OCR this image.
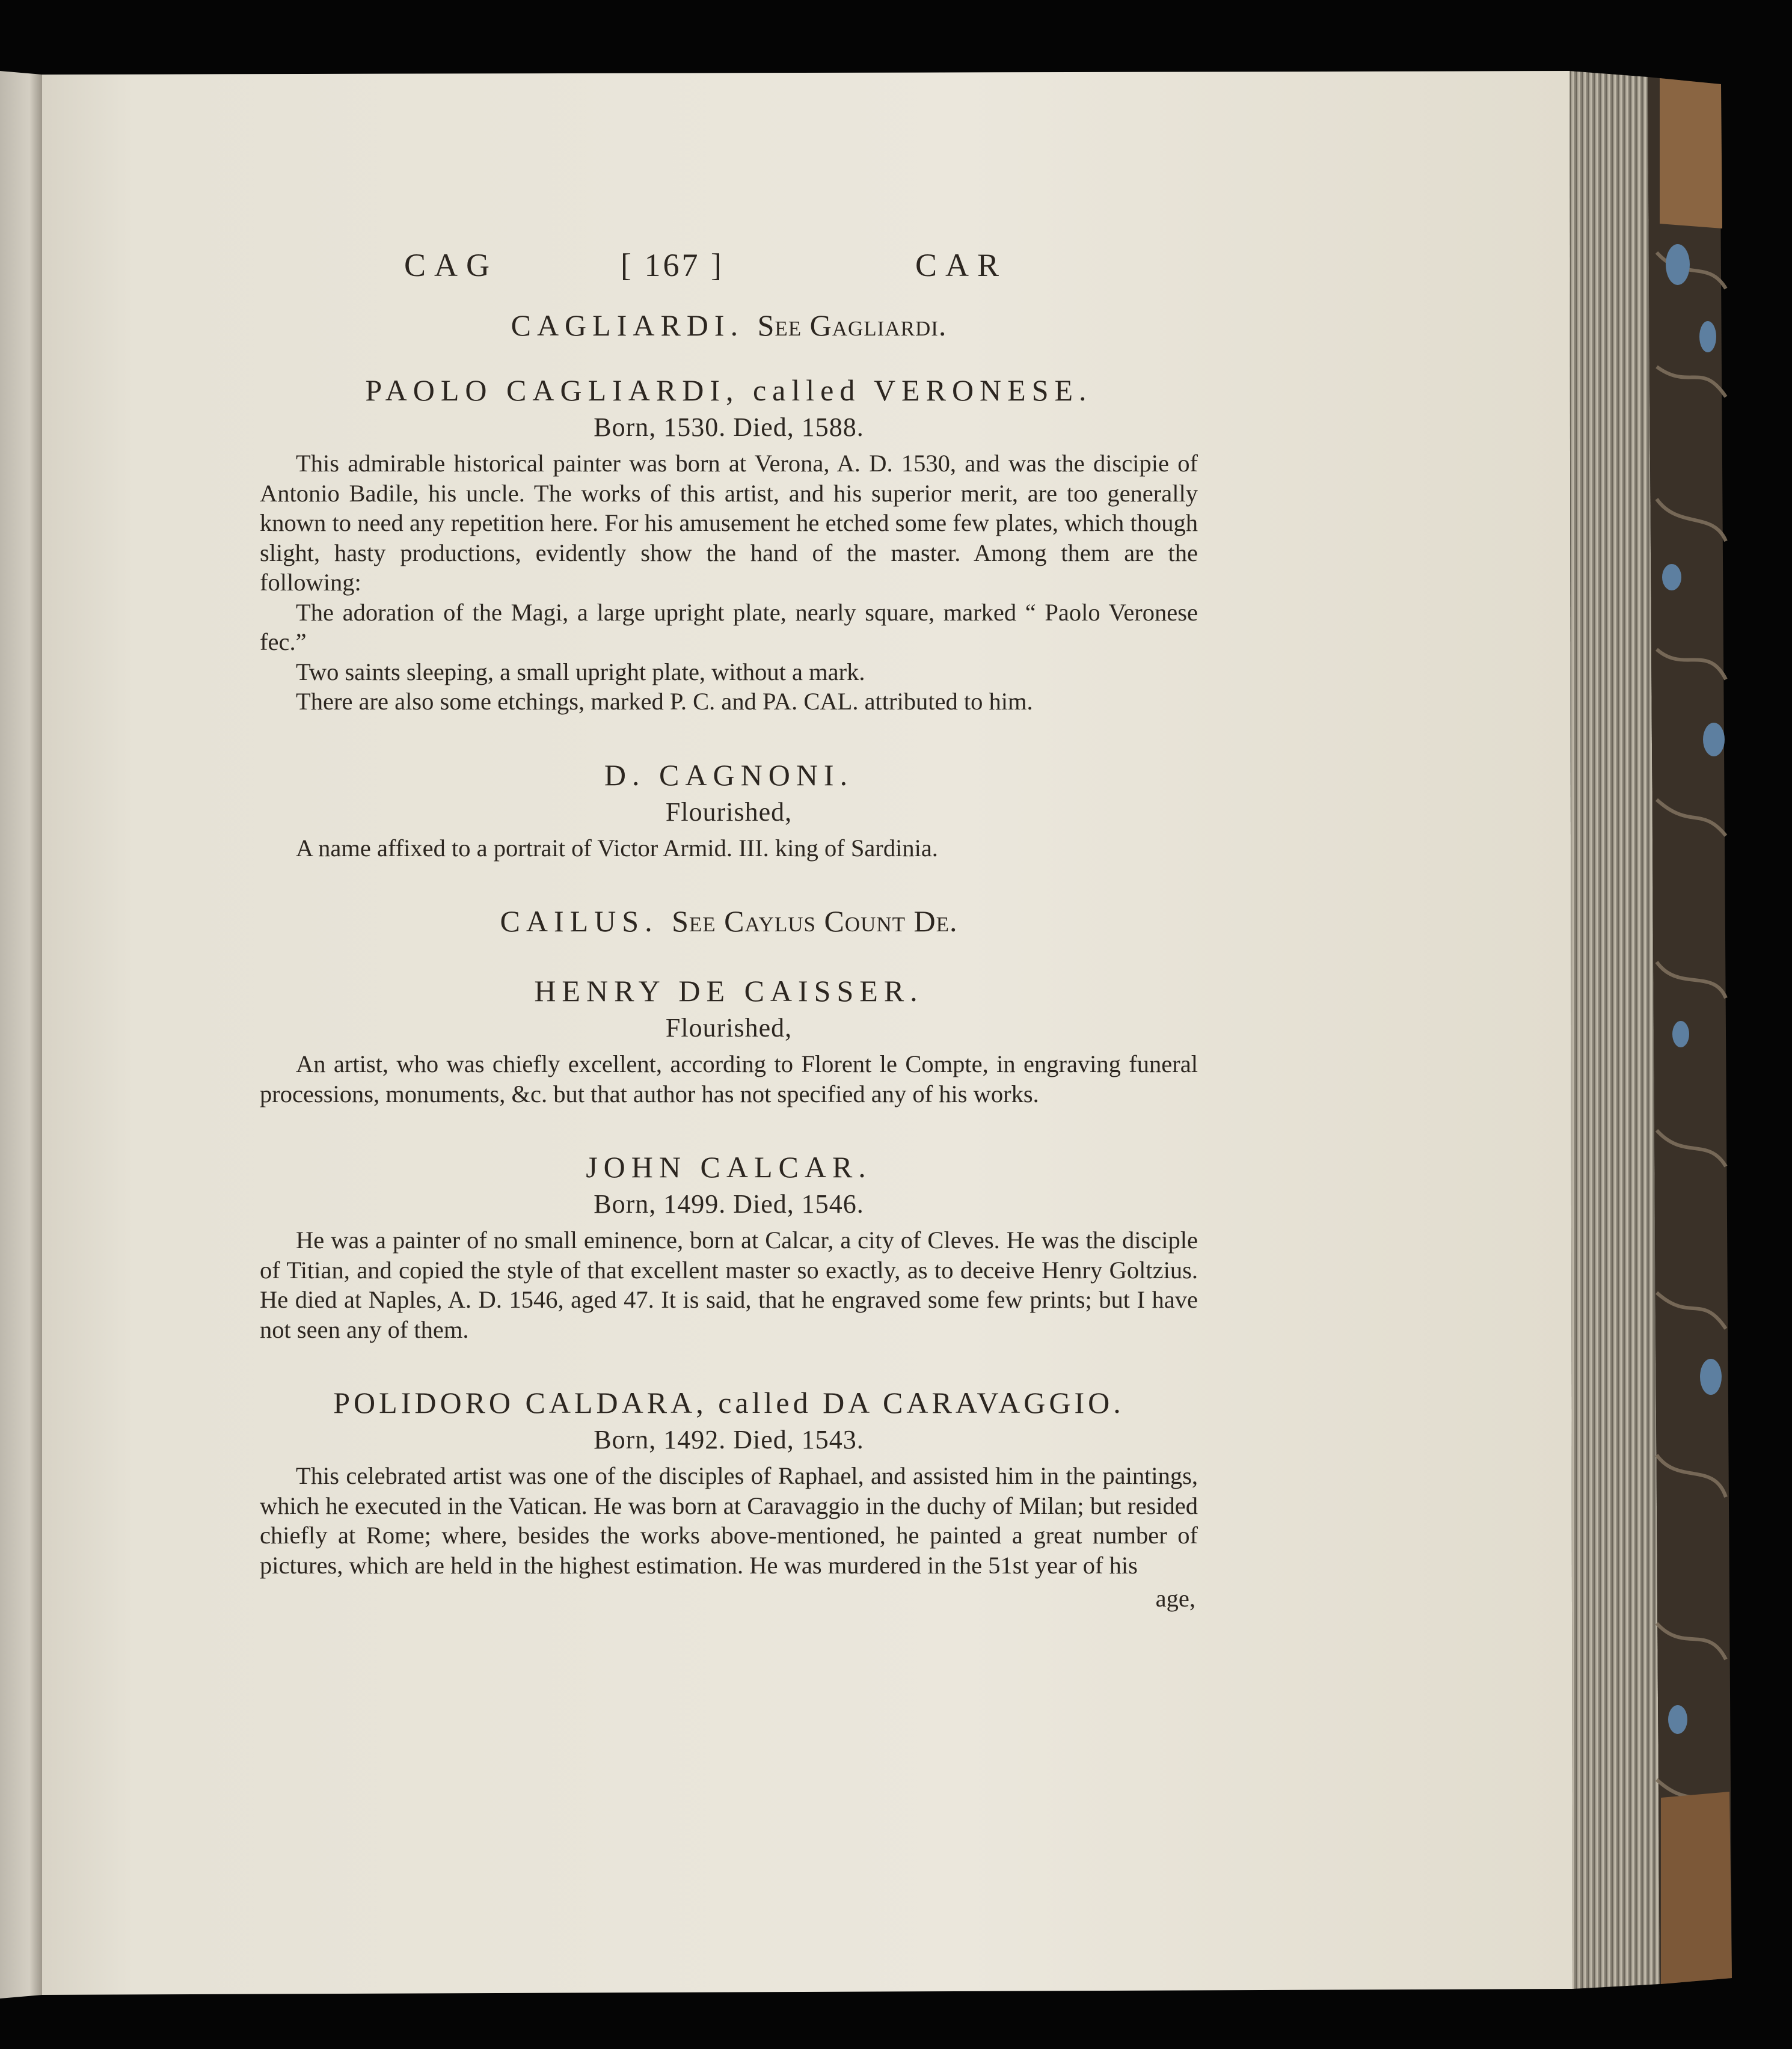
CAG	[ 167 ]	CAR
CAGLIARDI. See Gagliardi.
PAOLO CAGLIARDI, called VERONESE.
Born, 1530. Died, 1588.

This admirable historical painter was born at Verona, A. D. 1530, and was the discipie of Antonio Badile, his uncle. The works of this artist, and his superior merit, are too generally known to need any repetition here. For his amusement he etched some few plates, which though slight, hasty productions, evidently show the hand of the master. Among them are the following:

The adoration of the Magi, a large upright plate, nearly square, marked “ Paolo Veronese fec.”

Two saints sleeping, a small upright plate, without a mark.

There are also some etchings, marked P. C. and PA. CAL. attributed to him.

D. CAGNONI.
Flourished,

A name affixed to a portrait of Victor Armid. III. king of Sardinia.

CAILUS. See Caylus Count De.
HENRY DE CAISSER.
Flourished,

An artist, who was chiefly excellent, according to Florent le Compte, in engraving funeral processions, monuments, &c. but that author has not specified any of his works.

JOHN CALCAR.
Born, 1499. Died, 1546.

He was a painter of no small eminence, born at Calcar, a city of Cleves. He was the disciple of Titian, and copied the style of that excellent master so exactly, as to deceive Henry Goltzius. He died at Naples, A. D. 1546, aged 47. It is said, that he engraved some few prints; but I have not seen any of them.

POLIDORO CALDARA, called DA CARAVAGGIO.
Born, 1492. Died, 1543.

This celebrated artist was one of the disciples of Raphael, and assisted him in the paintings, which he executed in the Vatican. He was born at Caravaggio in the duchy of Milan; but resided chiefly at Rome; where, besides the works above-mentioned, he painted a great number of pictures, which are held in the highest estimation. He was murdered in the 51st year of his

age,
